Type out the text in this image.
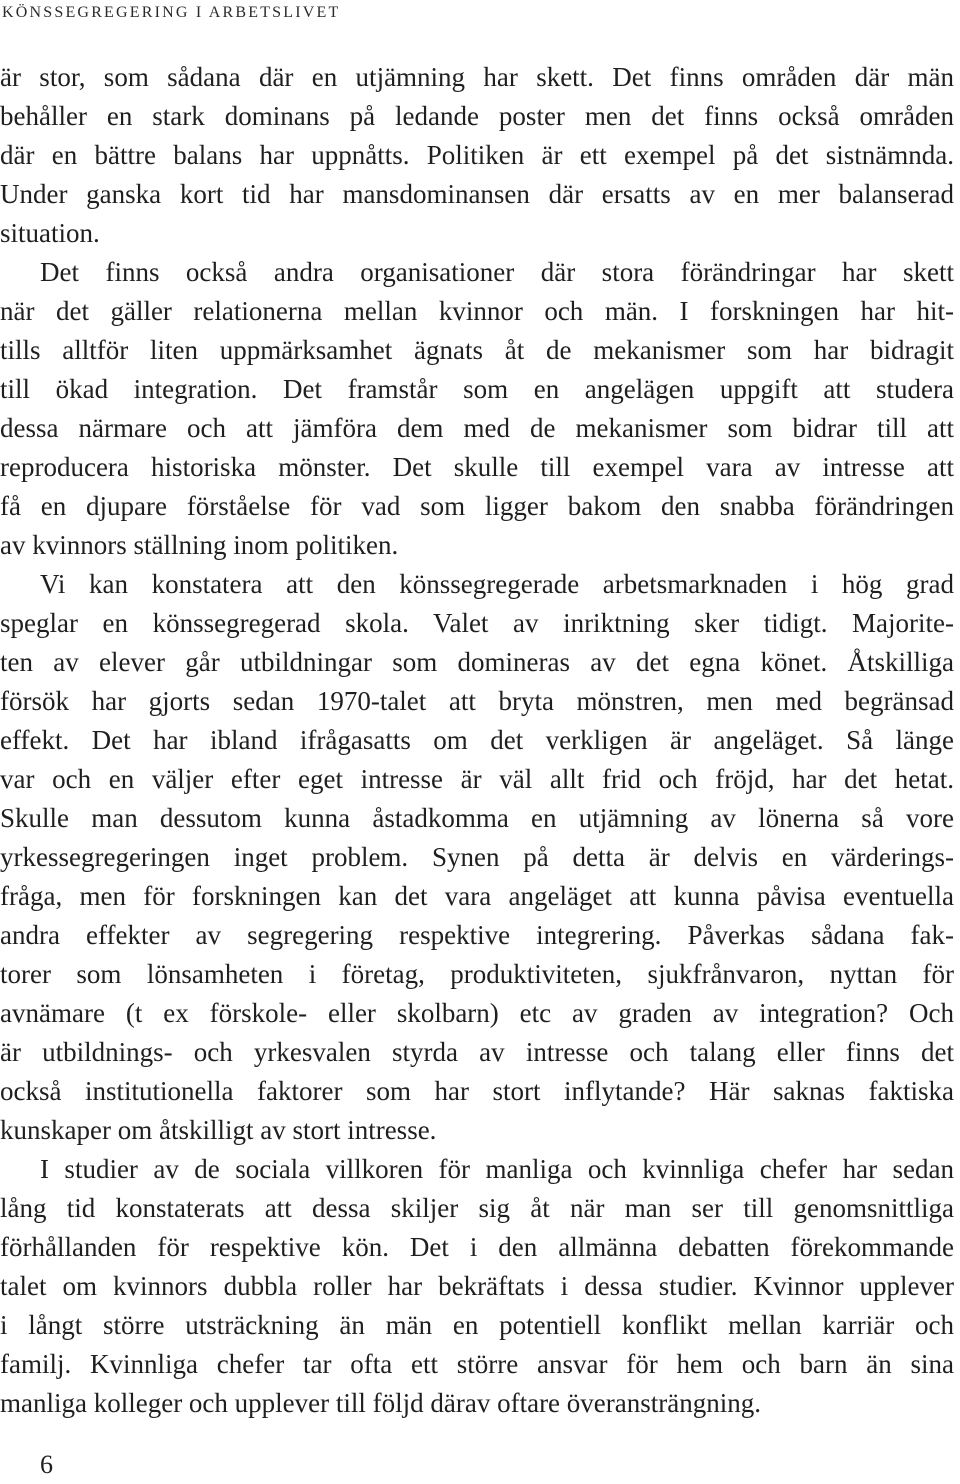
KÖNSSEGREGERING I ARBETSLIVET
är stor, som sådana där en utjämning har skett. Det finns områden där män
behåller en stark dominans på ledande poster men det finns också områden
där en bättre balans har uppnåtts. Politiken är ett exempel på det sistnämnda.
Under ganska kort tid har mansdominansen där ersatts av en mer balanserad
situation.
Det finns också andra organisationer där stora förändringar har skett
när det gäller relationerna mellan kvinnor och män. I forskningen har hit-
tills alltför liten uppmärksamhet ägnats åt de mekanismer som har bidragit
till ökad integration. Det framstår som en angelägen uppgift att studera
dessa närmare och att jämföra dem med de mekanismer som bidrar till att
reproducera historiska mönster. Det skulle till exempel vara av intresse att
få en djupare förståelse för vad som ligger bakom den snabba förändringen
av kvinnors ställning inom politiken.
Vi kan konstatera att den könssegregerade arbetsmarknaden i hög grad
speglar en könssegregerad skola. Valet av inriktning sker tidigt. Majorite-
ten av elever går utbildningar som domineras av det egna könet. Åtskilliga
försök har gjorts sedan 1970-talet att bryta mönstren, men med begränsad
effekt. Det har ibland ifrågasatts om det verkligen är angeläget. Så länge
var och en väljer efter eget intresse är väl allt frid och fröjd, har det hetat.
Skulle man dessutom kunna åstadkomma en utjämning av lönerna så vore
yrkessegregeringen inget problem. Synen på detta är delvis en värderings-
fråga, men för forskningen kan det vara angeläget att kunna påvisa eventuella
andra effekter av segregering respektive integrering. Påverkas sådana fak-
torer som lönsamheten i företag, produktiviteten, sjukfrånvaron, nyttan för
avnämare (t ex förskole- eller skolbarn) etc av graden av integration? Och
är utbildnings- och yrkesvalen styrda av intresse och talang eller finns det
också institutionella faktorer som har stort inflytande? Här saknas faktiska
kunskaper om åtskilligt av stort intresse.
I studier av de sociala villkoren för manliga och kvinnliga chefer har sedan
lång tid konstaterats att dessa skiljer sig åt när man ser till genomsnittliga
förhållanden för respektive kön. Det i den allmänna debatten förekommande
talet om kvinnors dubbla roller har bekräftats i dessa studier. Kvinnor upplever
i långt större utsträckning än män en potentiell konflikt mellan karriär och
familj. Kvinnliga chefer tar ofta ett större ansvar för hem och barn än sina
manliga kolleger och upplever till följd därav oftare överansträngning.
6
